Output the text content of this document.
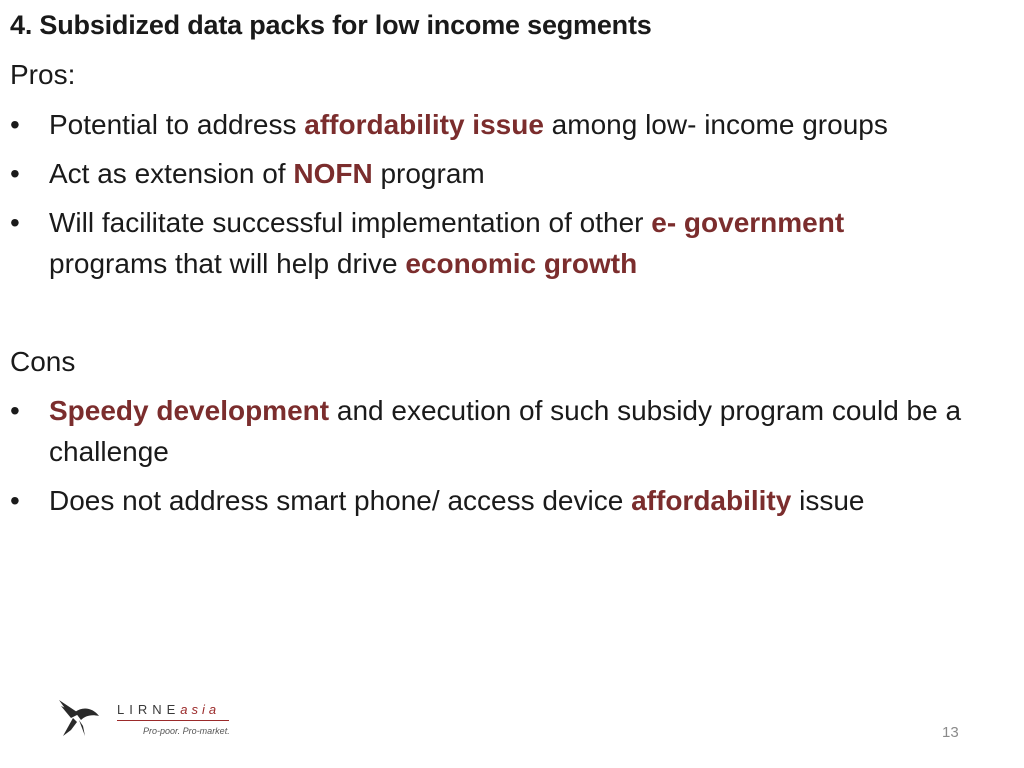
4. Subsidized data packs for low income segments
Pros:
•	Potential to address affordability issue among low- income groups
•	Act as extension of NOFN program
•	Will facilitate successful implementation of other e- government
programs that will help drive economic growth
Cons
•	Speedy development and execution of such subsidy program could be a challenge
•	Does not address smart phone/ access device affordability issue
LIRNEasia
Pro-poor. Pro-market.	13
